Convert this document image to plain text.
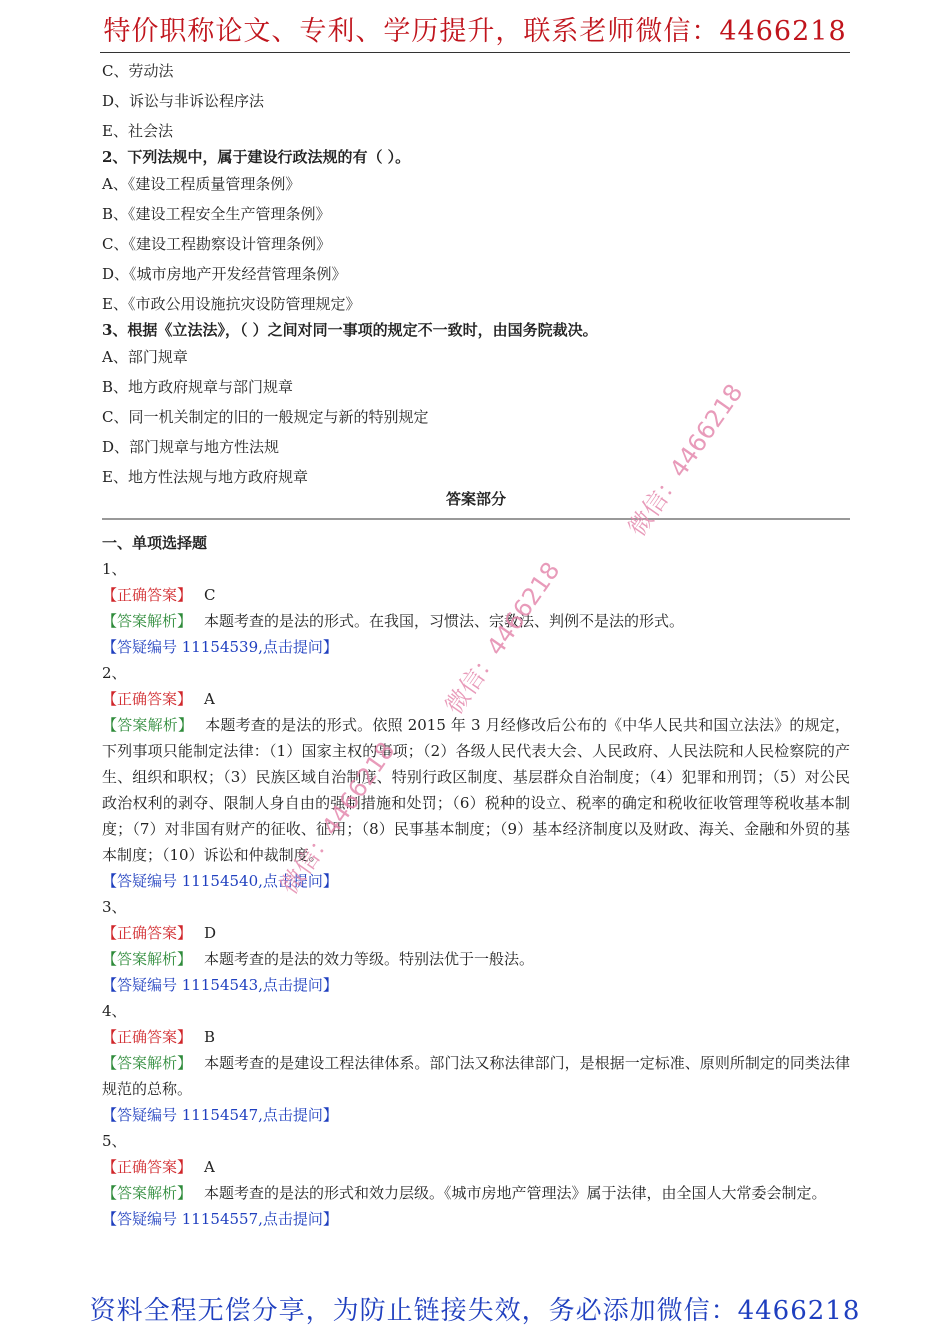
特价职称论文、专利、学历提升，联系老师微信：4466218
C、劳动法
D、诉讼与非诉讼程序法
E、社会法
2、下列法规中，属于建设行政法规的有（ ）。
A、《建设工程质量管理条例》
B、《建设工程安全生产管理条例》
C、《建设工程勘察设计管理条例》
D、《城市房地产开发经营管理条例》
E、《市政公用设施抗灾设防管理规定》
3、根据《立法法》，（ ）之间对同一事项的规定不一致时，由国务院裁决。
A、部门规章
B、地方政府规章与部门规章
C、同一机关制定的旧的一般规定与新的特别规定
D、部门规章与地方性法规
E、地方性法规与地方政府规章
答案部分
一、单项选择题
1、
【正确答案】 C
【答案解析】 本题考查的是法的形式。在我国，习惯法、宗教法、判例不是法的形式。
【答疑编号 11154539,点击提问】
2、
【正确答案】 A
【答案解析】 本题考查的是法的形式。依照 2015 年 3 月经修改后公布的《中华人民共和国立法法》的规定，下列事项只能制定法律：（1）国家主权的事项；（2）各级人民代表大会、人民政府、人民法院和人民检察院的产生、组织和职权；（3）民族区域自治制度、特别行政区制度、基层群众自治制度；（4）犯罪和刑罚；（5）对公民政治权利的剥夺、限制人身自由的强制措施和处罚；（6）税种的设立、税率的确定和税收征收管理等税收基本制度；（7）对非国有财产的征收、征用；（8）民事基本制度；（9）基本经济制度以及财政、海关、金融和外贸的基本制度；（10）诉讼和仲裁制度。
【答疑编号 11154540,点击提问】
3、
【正确答案】 D
【答案解析】 本题考查的是法的效力等级。特别法优于一般法。
【答疑编号 11154543,点击提问】
4、
【正确答案】 B
【答案解析】 本题考查的是建设工程法律体系。部门法又称法律部门，是根据一定标准、原则所制定的同类法律规范的总称。
【答疑编号 11154547,点击提问】
5、
【正确答案】 A
【答案解析】 本题考查的是法的形式和效力层级。《城市房地产管理法》属于法律，由全国人大常委会制定。
【答疑编号 11154557,点击提问】
微信：4466218
微信：4466218
微信：4466218
资料全程无偿分享，为防止链接失效，务必添加微信：4466218
